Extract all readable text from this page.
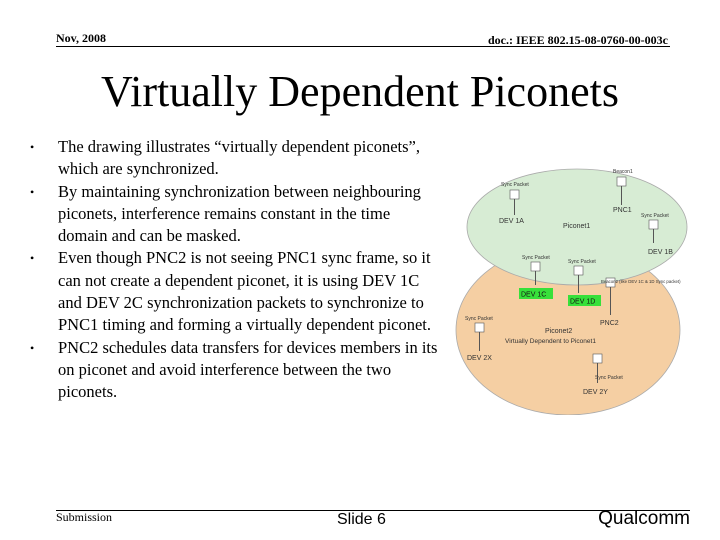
Nov, 2008	doc.: IEEE 802.15-08-0760-00-003c
Virtually Dependent Piconets
• The drawing illustrates “virtually dependent piconets”, which are synchronized.
• By maintaining synchronization between neighbouring piconets, interference remains constant in the time domain and can be masked.
• Even though PNC2 is not seeing PNC1 sync frame, so it can not create a dependent piconet, it is using DEV 1C and DEV 2C synchronization packets to synchronize to PNC1 timing and forming a virtually dependent piconet.
• PNC2 schedules data transfers for devices members in its on piconet and avoid interference between the two piconets.
Beacon1
Sync Packet
PNC1
Sync Packet
DEV 1A
Piconet1
DEV 1B
Sync Packet
Sync Packet
Beacon2 (like DEV 1C & 1D Sync packet)
DEV 1C
DEV 1D
PNC2
Sync Packet
Piconet2
Virtually Dependent to Piconet1
DEV 2X
Sync Packet
DEV 2Y
Submission	Slide 6	Qualcomm
